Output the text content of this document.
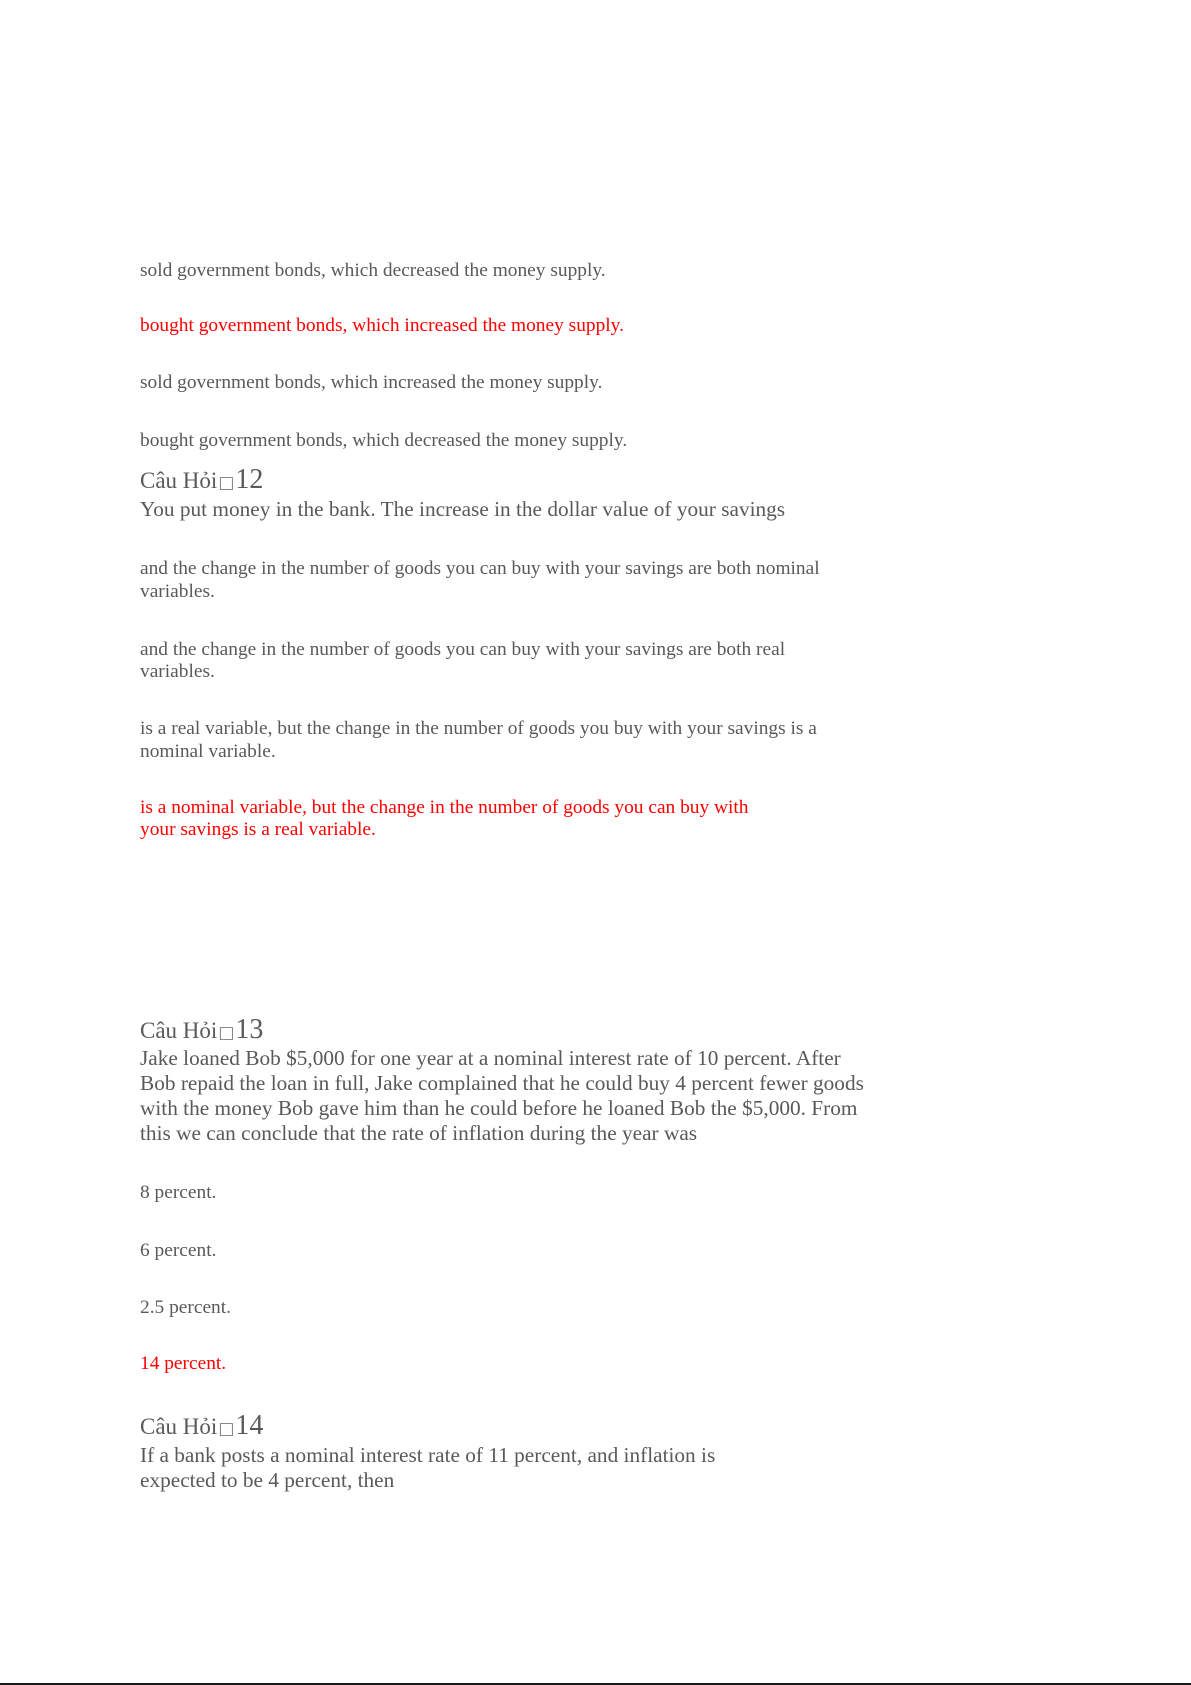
sold government bonds, which decreased the money supply.
bought government bonds, which increased the money supply.
sold government bonds, which increased the money supply.
bought government bonds, which decreased the money supply.
Câu Hỏi□12
You put money in the bank. The increase in the dollar value of your savings
and the change in the number of goods you can buy with your savings are both nominal
variables.
and the change in the number of goods you can buy with your savings are both real
variables.
is a real variable, but the change in the number of goods you buy with your savings is a
nominal variable.
is a nominal variable, but the change in the number of goods you can buy with
your savings is a real variable.
Câu Hỏi□13
Jake loaned Bob $5,000 for one year at a nominal interest rate of 10 percent. After
Bob repaid the loan in full, Jake complained that he could buy 4 percent fewer goods
with the money Bob gave him than he could before he loaned Bob the $5,000. From
this we can conclude that the rate of inflation during the year was
8 percent.
6 percent.
2.5 percent.
14 percent.
Câu Hỏi□14
If a bank posts a nominal interest rate of 11 percent, and inflation is
expected to be 4 percent, then
